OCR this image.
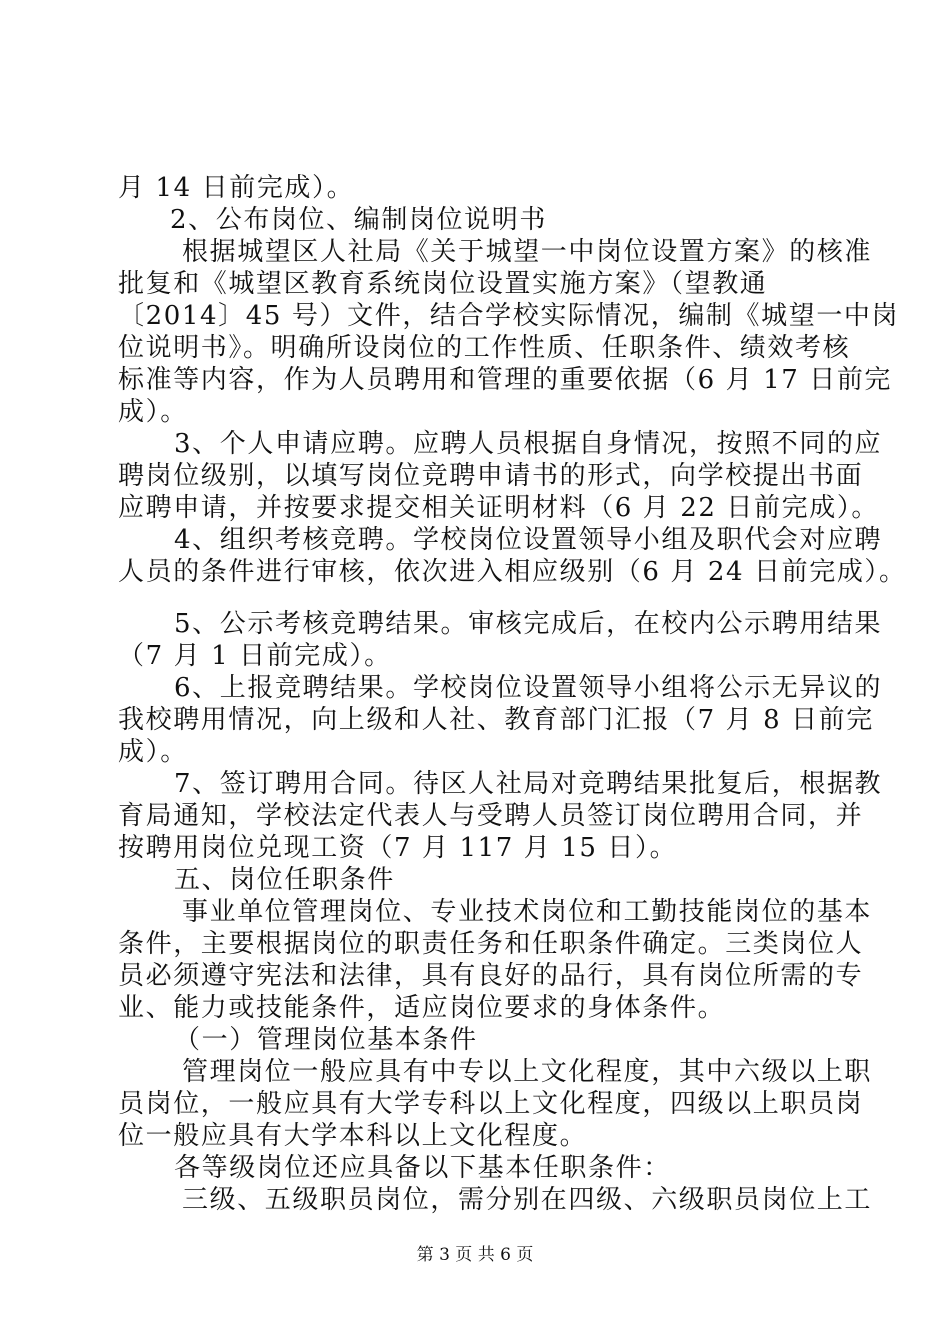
月 14 日前完成）。
2、公布岗位、编制岗位说明书
根据城望区人社局《关于城望一中岗位设置方案》的核准
批复和《城望区教育系统岗位设置实施方案》（望教通
〔2014〕45 号）文件，结合学校实际情况，编制《城望一中岗
位说明书》。明确所设岗位的工作性质、任职条件、绩效考核
标准等内容，作为人员聘用和管理的重要依据（6 月 17 日前完
成）。
3、个人申请应聘。应聘人员根据自身情况，按照不同的应
聘岗位级别，以填写岗位竞聘申请书的形式，向学校提出书面
应聘申请，并按要求提交相关证明材料（6 月 22 日前完成）。
4、组织考核竞聘。学校岗位设置领导小组及职代会对应聘
人员的条件进行审核，依次进入相应级别（6 月 24 日前完成）。
5、公示考核竞聘结果。审核完成后，在校内公示聘用结果
（7 月 1 日前完成）。
6、上报竞聘结果。学校岗位设置领导小组将公示无异议的
我校聘用情况，向上级和人社、教育部门汇报（7 月 8 日前完
成）。
7、签订聘用合同。待区人社局对竞聘结果批复后，根据教
育局通知，学校法定代表人与受聘人员签订岗位聘用合同，并
按聘用岗位兑现工资（7 月 117 月 15 日）。
五、岗位任职条件
事业单位管理岗位、专业技术岗位和工勤技能岗位的基本
条件，主要根据岗位的职责任务和任职条件确定。三类岗位人
员必须遵守宪法和法律，具有良好的品行，具有岗位所需的专
业、能力或技能条件，适应岗位要求的身体条件。
（一）管理岗位基本条件
管理岗位一般应具有中专以上文化程度，其中六级以上职
员岗位，一般应具有大学专科以上文化程度，四级以上职员岗
位一般应具有大学本科以上文化程度。
各等级岗位还应具备以下基本任职条件：
三级、五级职员岗位，需分别在四级、六级职员岗位上工
第 3 页 共 6 页
